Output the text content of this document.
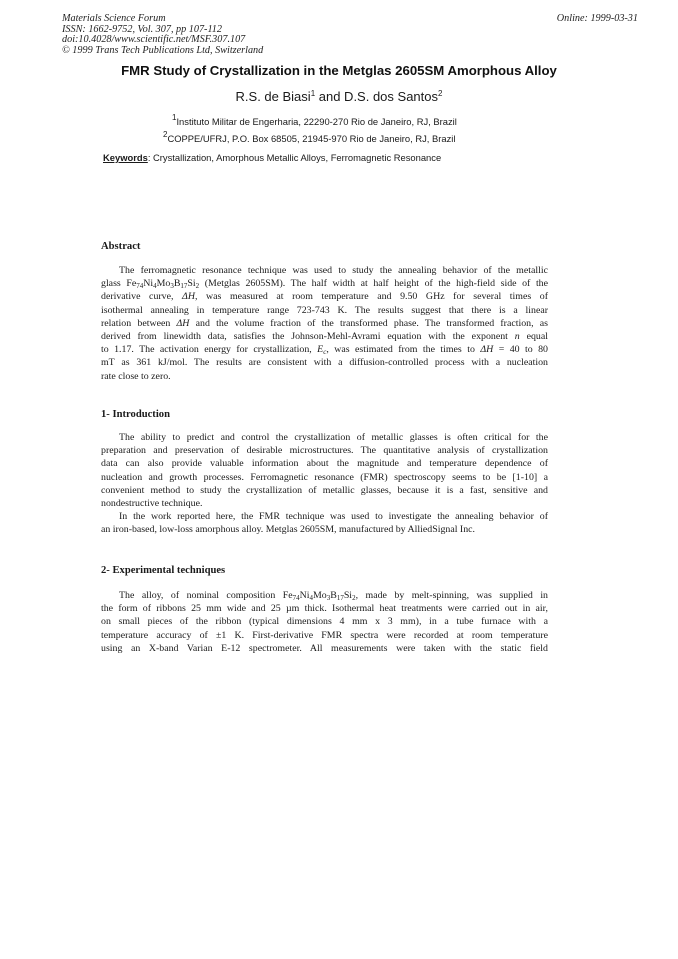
Materials Science Forum
ISSN: 1662-9752, Vol. 307, pp 107-112
doi:10.4028/www.scientific.net/MSF.307.107
© 1999 Trans Tech Publications Ltd, Switzerland
Online: 1999-03-31
FMR Study of Crystallization in the Metglas 2605SM Amorphous Alloy
R.S. de Biasi$^1$ and D.S. dos Santos$^2$
$^1$Instituto Militar de Engerharia, 22290-270 Rio de Janeiro, RJ, Brazil
$^2$COPPE/UFRJ, P.O. Box 68505, 21945-970 Rio de Janeiro, RJ, Brazil
Keywords: Crystallization, Amorphous Metallic Alloys, Ferromagnetic Resonance
Abstract
The ferromagnetic resonance technique was used to study the annealing behavior of the metallic
glass $Fe_{74}Ni_4Mo_3B_{17}Si_2$ (Metglas 2605SM). The half width at half height of the high-field side of the
derivative curve, ΔH, was measured at room temperature and 9.50 GHz for several times of
isothermal annealing in temperature range 723-743 K. The results suggest that there is a linear
relation between ΔH and the volume fraction of the transformed phase. The transformed fraction, as
derived from linewidth data, satisfies the Johnson-Mehl-Avrami equation with the exponent n equal
to 1.17. The activation energy for crystallization, $E_c$, was estimated from the times to ΔH = 40 to 80
mT as 361 kJ/mol. The results are consistent with a diffusion-controlled process with a nucleation
rate close to zero.
1- Introduction
The ability to predict and control the crystallization of metallic glasses is often critical for the
preparation and preservation of desirable microstructures. The quantitative analysis of crystallization
data can also provide valuable information about the magnitude and temperature dependence of
nucleation and growth processes. Ferromagnetic resonance (FMR) spectroscopy seems to be [1-10] a
convenient method to study the crystallization of metallic glasses, because it is a fast, sensitive and
nondestructive technique.
In the work reported here, the FMR technique was used to investigate the annealing behavior of
an iron-based, low-loss amorphous alloy. Metglas 2605SM, manufactured by AlliedSignal Inc.
2- Experimental techniques
The alloy, of nominal composition $Fe_{74}Ni_4Mo_3B_{17}Si_2$, made by melt-spinning, was supplied in
the form of ribbons 25 mm wide and 25 µm thick. Isothermal heat treatments were carried out in air,
on small pieces of the ribbon (typical dimensions 4 mm x 3 mm), in a tube furnace with a
temperature accuracy of ±1 K. First-derivative FMR spectra were recorded at room temperature
using an X-band Varian E-12 spectrometer. All measurements were taken with the static field
